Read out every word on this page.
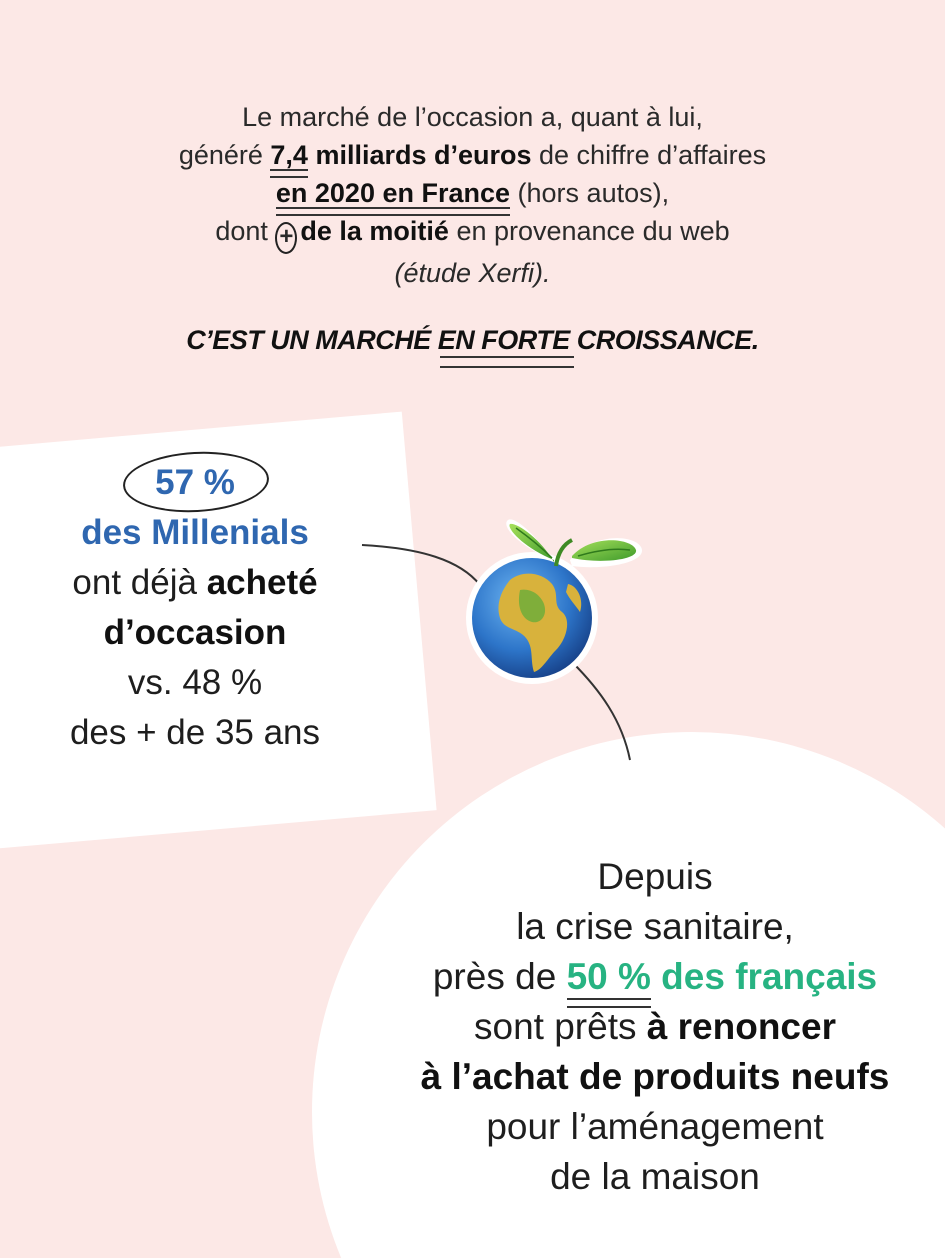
Le marché de l’occasion a, quant à lui,
généré 7,4 milliards d’euros de chiffre d’affaires
en 2020 en France (hors autos),
dont + de la moitié en provenance du web
(étude Xerfi).
C’EST UN MARCHÉ EN FORTE CROISSANCE.
57 %
des Millenials
ont déjà acheté
d’occasion
vs. 48 %
des + de 35 ans
Depuis
la crise sanitaire,
près de 50 % des français
sont prêts à renoncer
à l’achat de produits neufs
pour l’aménagement
de la maison
